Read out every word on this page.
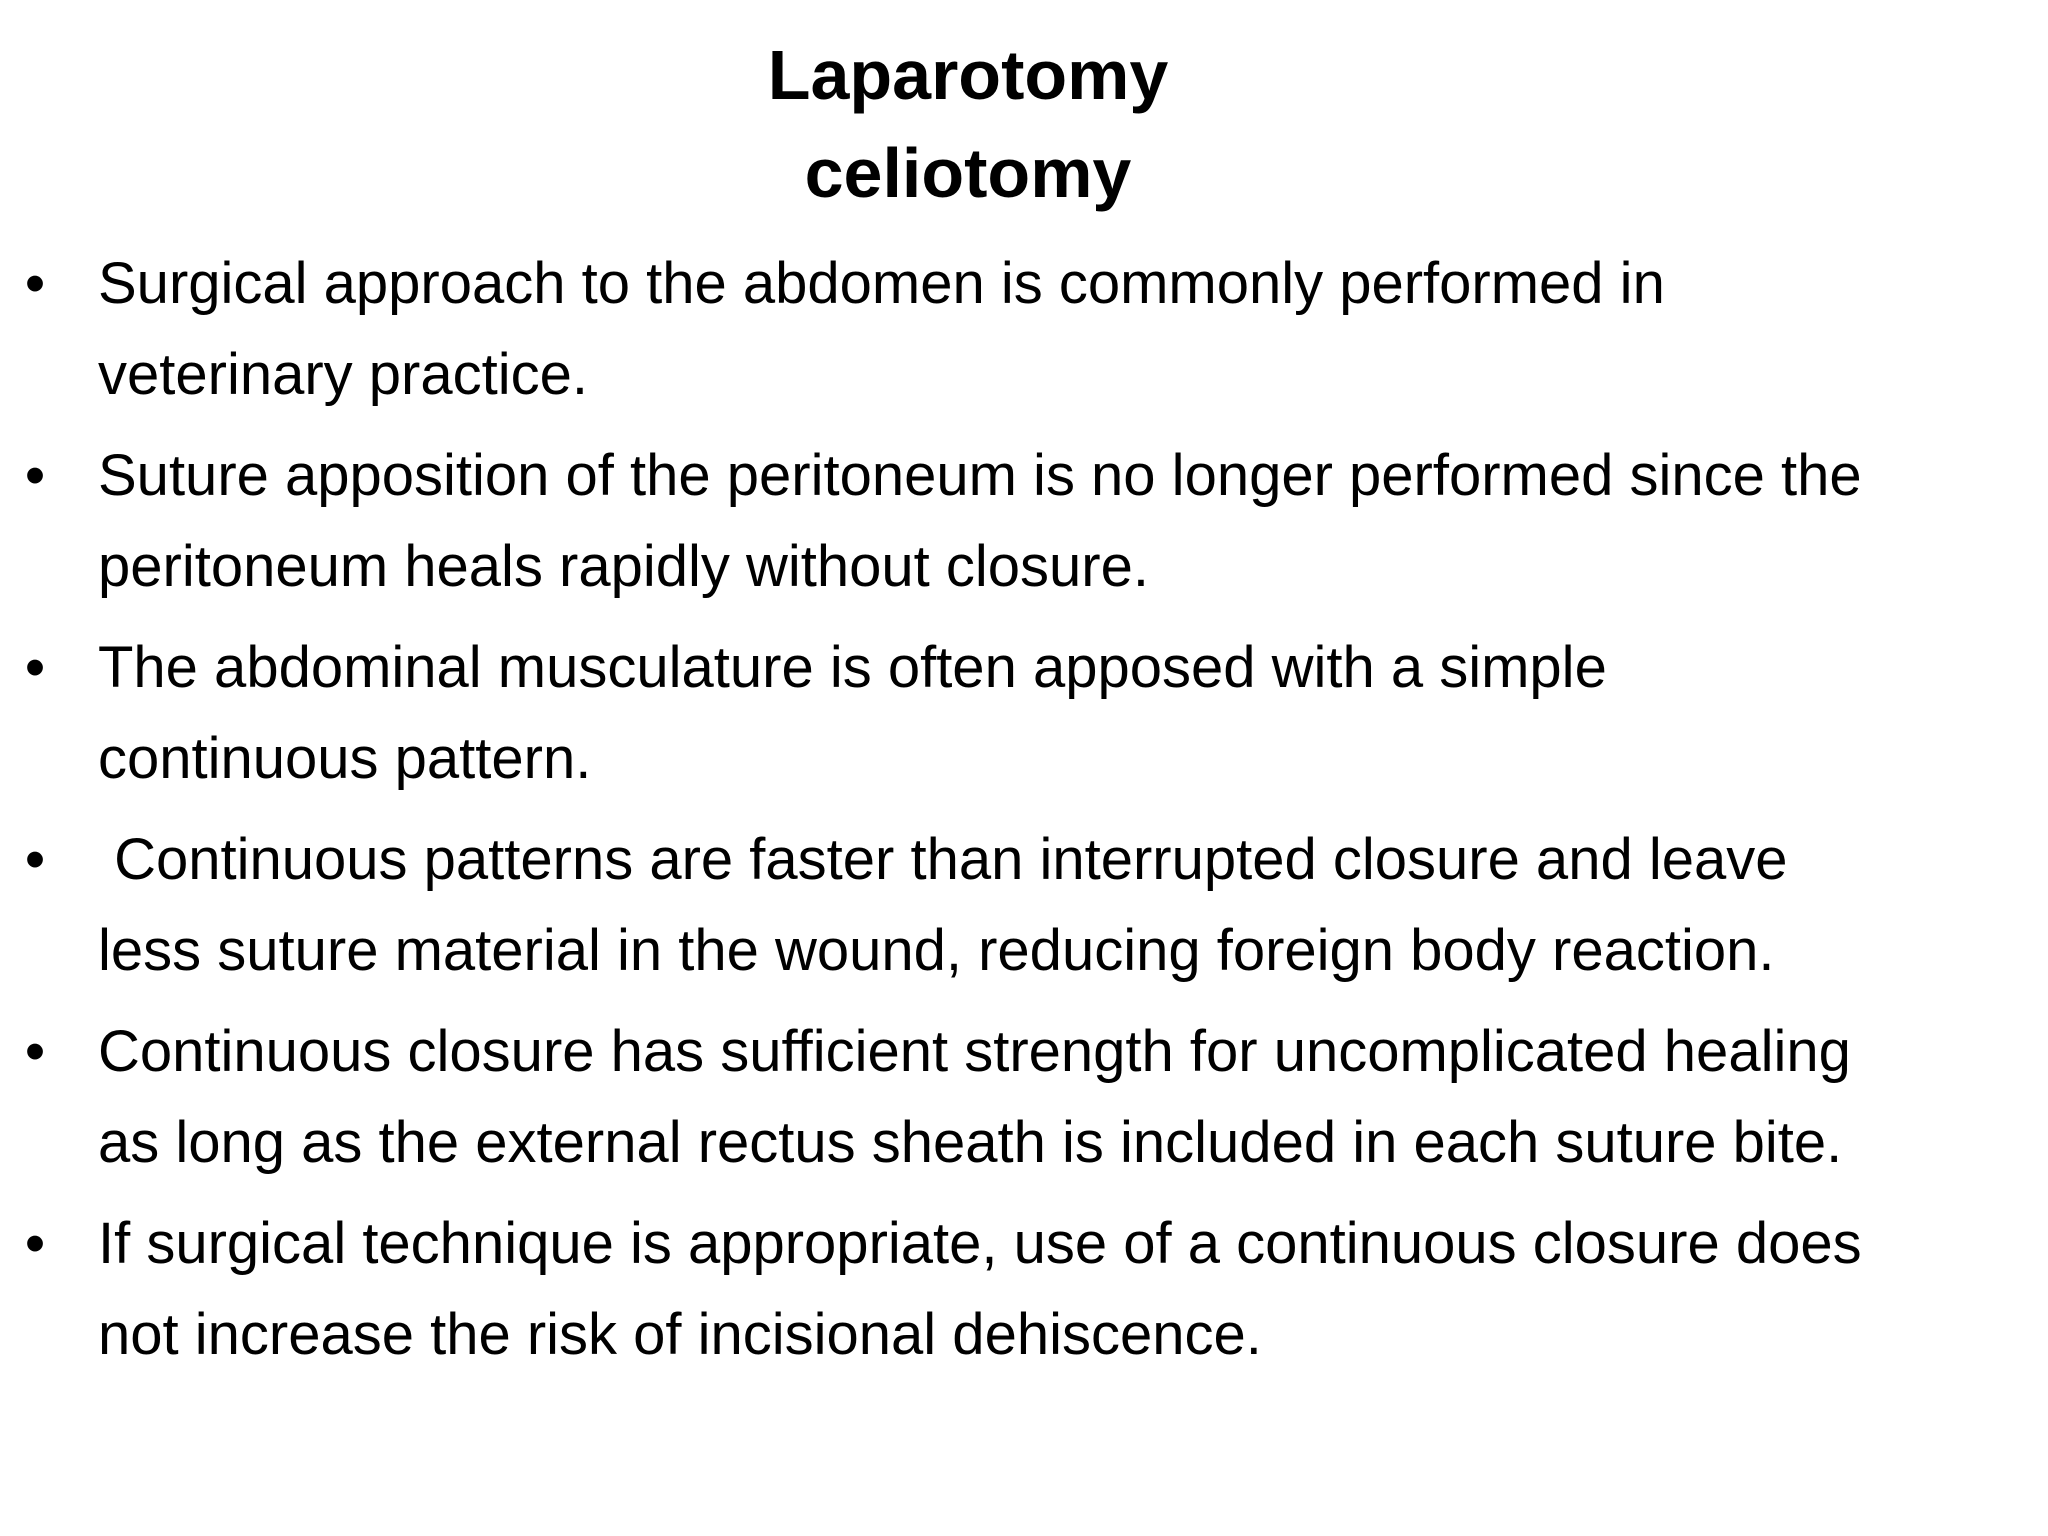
Laparotomy
celiotomy
• Surgical approach to the abdomen is commonly performed in
veterinary practice.
• Suture apposition of the peritoneum is no longer performed since the
peritoneum heals rapidly without closure.
• The abdominal musculature is often apposed with a simple
continuous pattern.
• Continuous patterns are faster than interrupted closure and leave
less suture material in the wound, reducing foreign body reaction.
• Continuous closure has sufficient strength for uncomplicated healing
as long as the external rectus sheath is included in each suture bite.
• If surgical technique is appropriate, use of a continuous closure does
not increase the risk of incisional dehiscence.
